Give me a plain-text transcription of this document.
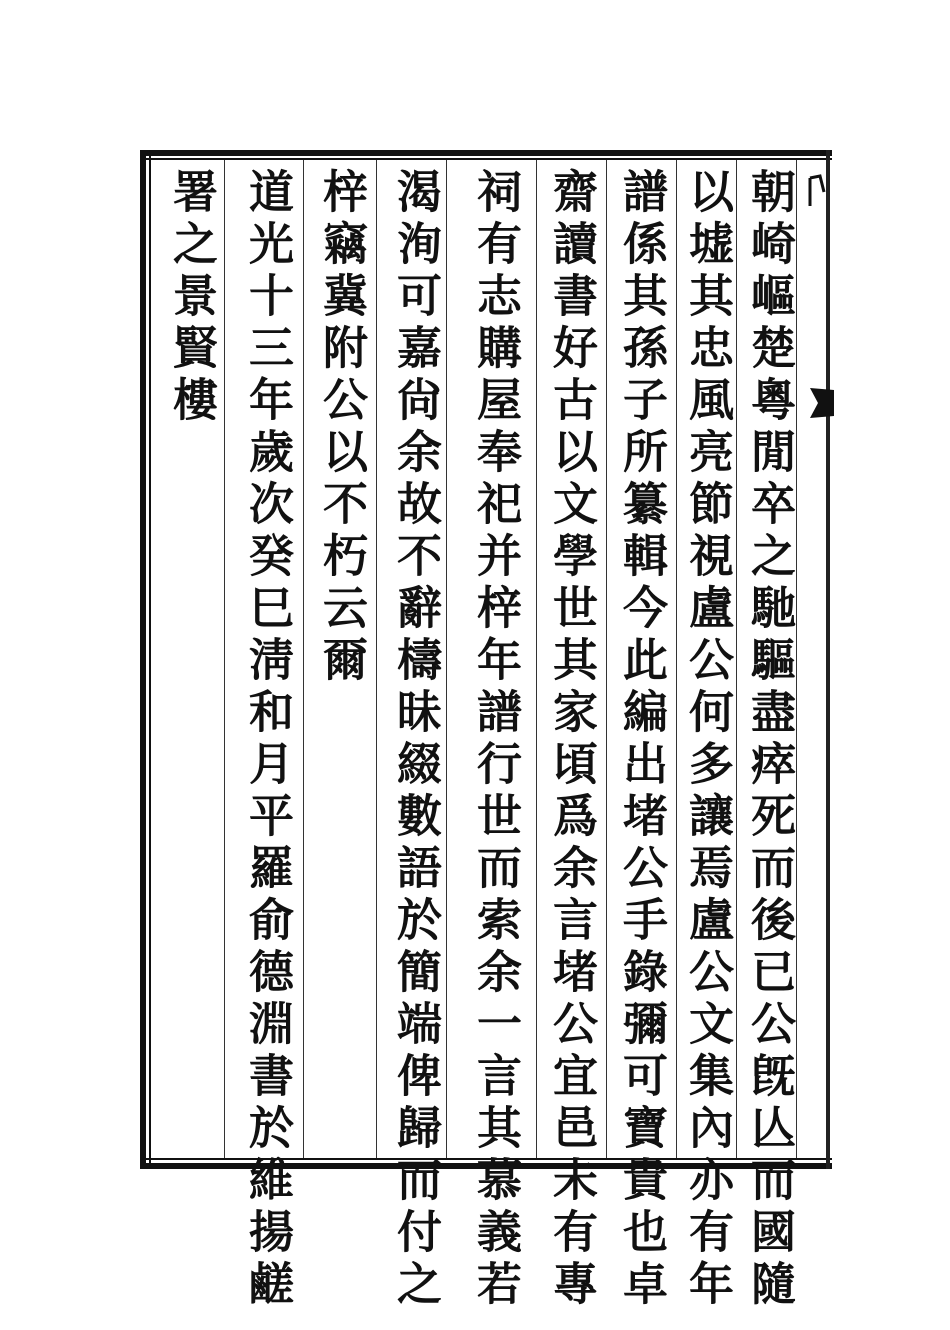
朝崎嶇楚粵閒卒之馳驅盡瘁死而後已公旣亾而國隨
以墟其忠風亮節視盧公何多讓焉盧公文集內亦有年
譜係其孫子所纂輯今此編出堵公手錄彌可寶貴也卓
齋讀書好古以文學世其家頃爲余言堵公宜邑未有專
祠有志購屋奉祀并梓年譜行世而索余一言其慕義若
渴洵可嘉尙余故不辭檮昧綴數語於簡端俾歸而付之
梓竊冀附公以不朽云爾
道光十三年歲次癸巳淸和月平羅俞德淵書於維揚鹺
署之景賢樓
